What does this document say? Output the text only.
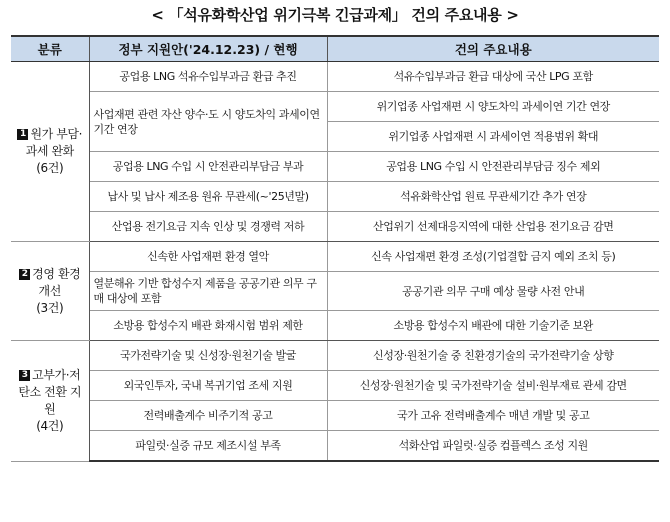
< 「석유화학산업 위기극복 긴급과제」 건의 주요내용 >
분류	정부 지원안('24.12.23) / 현행	건의 주요내용
1 원가 부담·과세 완화
(6건)	공업용 LNG 석유수입부과금 환급 추진	석유수입부과금 환급 대상에 국산 LPG 포함
	사업재편 관련 자산 양수·도 시 양도차익 과세이연 기간 연장	위기업종 사업재편 시 양도차익 과세이연 기간 연장
		위기업종 사업재편 시 과세이연 적용범위 확대
	공업용 LNG 수입 시 안전관리부담금 부과	공업용 LNG 수입 시 안전관리부담금 징수 제외
	납사 및 납사 제조용 원유 무관세(~'25년말)	석유화학산업 원료 무관세기간 추가 연장
	산업용 전기요금 지속 인상 및 경쟁력 저하	산업위기 선제대응지역에 대한 산업용 전기요금 감면
2 경영 환경 개선
(3건)	신속한 사업재편 환경 열악	신속 사업재편 환경 조성(기업결합 금지 예외 조치 등)
	열분해유 기반 합성수지 제품을 공공기관 의무 구매 대상에 포함	공공기관 의무 구매 예상 물량 사전 안내
	소방용 합성수지 배관 화재시험 범위 제한	소방용 합성수지 배관에 대한 기술기준 보완
3 고부가·저탄소 전환 지원
(4건)	국가전략기술 및 신성장·원천기술 발굴	신성장·원천기술 중 친환경기술의 국가전략기술 상향
	외국인투자, 국내 복귀기업 조세 지원	신성장·원천기술 및 국가전략기술 설비·원부재료 관세 감면
	전력배출계수 비주기적 공고	국가 고유 전력배출계수 매년 개발 및 공고
	파일럿·실증 규모 제조시설 부족	석화산업 파일럿·실증 컴플렉스 조성 지원
